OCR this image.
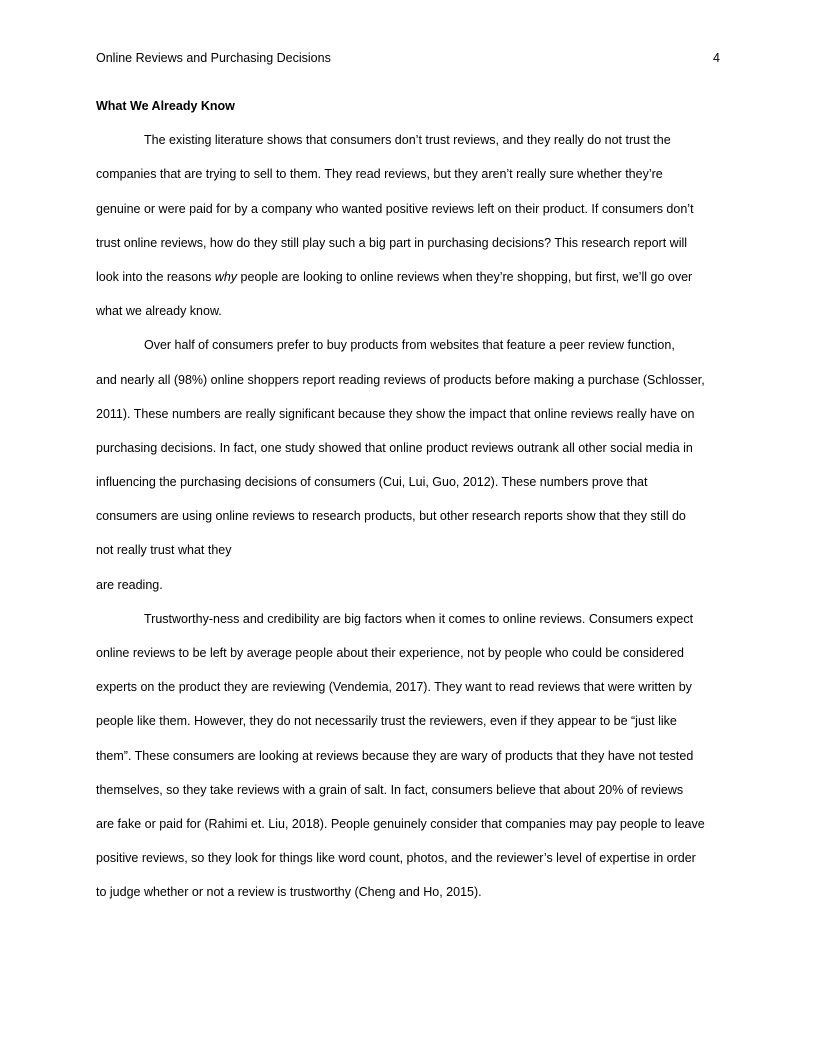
Online Reviews and Purchasing Decisions	4
What We Already Know
The existing literature shows that consumers don’t trust reviews, and they really do not trust the
companies that are trying to sell to them. They read reviews, but they aren’t really sure whether they’re
genuine or were paid for by a company who wanted positive reviews left on their product. If consumers don’t
trust online reviews, how do they still play such a big part in purchasing decisions? This research report will
look into the reasons why people are looking to online reviews when they’re shopping, but first, we’ll go over
what we already know.
Over half of consumers prefer to buy products from websites that feature a peer review function,
and nearly all (98%) online shoppers report reading reviews of products before making a purchase (Schlosser,
2011). These numbers are really significant because they show the impact that online reviews really have on
purchasing decisions. In fact, one study showed that online product reviews outrank all other social media in
influencing the purchasing decisions of consumers (Cui, Lui, Guo, 2012). These numbers prove that
consumers are using online reviews to research products, but other research reports show that they still do
not really trust what they
are reading.
Trustworthy-ness and credibility are big factors when it comes to online reviews. Consumers expect
online reviews to be left by average people about their experience, not by people who could be considered
experts on the product they are reviewing (Vendemia, 2017). They want to read reviews that were written by
people like them. However, they do not necessarily trust the reviewers, even if they appear to be “just like
them”. These consumers are looking at reviews because they are wary of products that they have not tested
themselves, so they take reviews with a grain of salt. In fact, consumers believe that about 20% of reviews
are fake or paid for (Rahimi et. Liu, 2018). People genuinely consider that companies may pay people to leave
positive reviews, so they look for things like word count, photos, and the reviewer’s level of expertise in order
to judge whether or not a review is trustworthy (Cheng and Ho, 2015).
